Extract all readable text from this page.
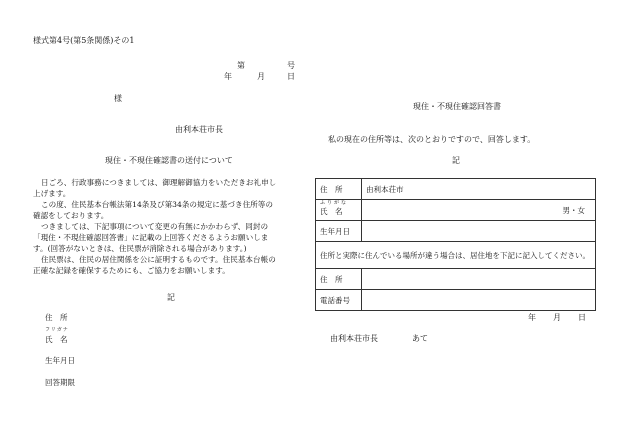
様式第4号(第5条関係)その1
第	号
年	月	日
様
由利本荘市長
現住・不現住確認書の送付について

日ごろ、行政事務につきましては、御理解御協力をいただきお礼申し上げます。

この度、住民基本台帳法第14条及び第34条の規定に基づき住所等の確認をしております。

つきましては、下記事項について変更の有無にかかわらず、同封の「現住・不現住確認回答書」に記載の上回答くださるようお願いします。(回答がないときは、住民票が消除される場合があります。)

住民票は、住民の居住関係を公に証明するものです。住民基本台帳の正確な記録を確保するためにも、ご協力をお願いします。

記
住　所
フリガナ
氏　名
生年月日
回答期限
現住・不現住確認回答書
私の現在の住所等は、次のとおりですので、回答します。
記
住　所	由利本荘市

ふりがな
氏　名	男・女
生年月日	
住所と実際に住んでいる場所が違う場合は、居住地を下記に記入してください。	
住　所	
電話番号	
年 月 日
由利本荘市長	あて
